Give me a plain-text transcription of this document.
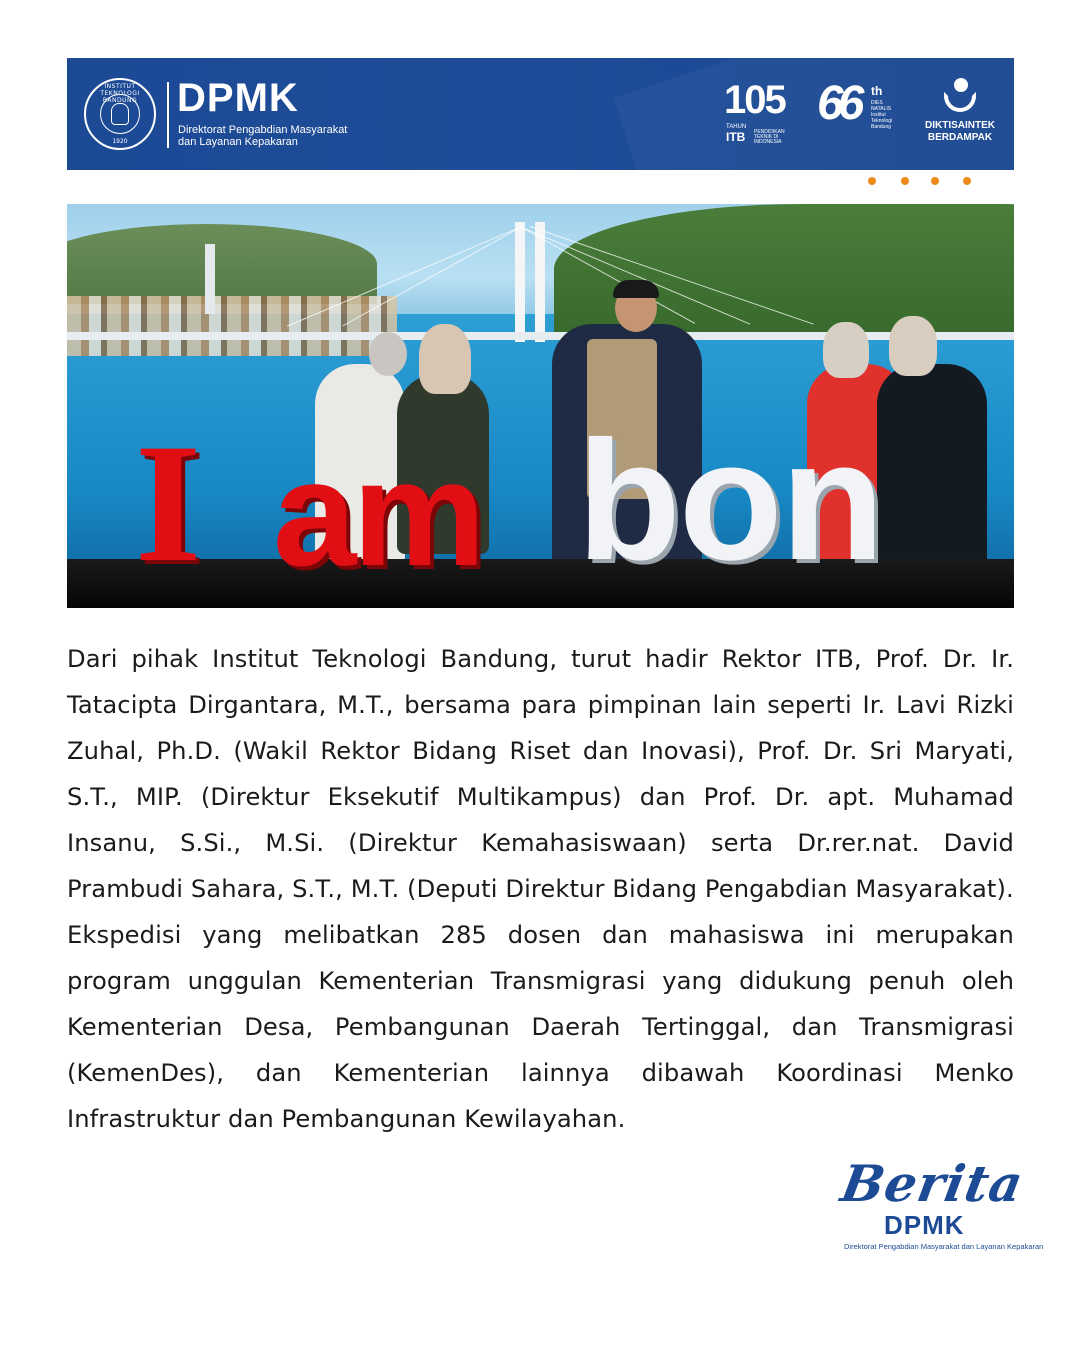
INSTITUT TEKNOLOGI BANDUNG
1920
DPMK
Direktorat Pengabdian Masyarakat
dan Layanan Kepakaran
105
TAHUN
ITB PENDIDIKAN TEKNIK DI INDONESIA
66	th
DIES NATALIS Institut Teknologi Bandung	DIKTISAINTEK
BERDAMPAK
I am bon

Dari pihak Institut Teknologi Bandung, turut hadir Rektor ITB, Prof. Dr. Ir. Tatacipta Dirgantara, M.T., bersama para pimpinan lain seperti Ir. Lavi Rizki Zuhal, Ph.D. (Wakil Rektor Bidang Riset dan Inovasi), Prof. Dr. Sri Maryati, S.T., MIP. (Direktur Eksekutif Multikampus) dan Prof. Dr. apt. Muhamad Insanu, S.Si., M.Si. (Direktur Kemahasiswaan) serta Dr.rer.nat. David Prambudi Sahara, S.T., M.T. (Deputi Direktur Bidang Pengabdian Masyarakat).

Ekspedisi yang melibatkan 285 dosen dan mahasiswa ini merupakan program unggulan Kementerian Transmigrasi yang didukung penuh oleh Kementerian Desa, Pembangunan Daerah Tertinggal, dan Transmigrasi (KemenDes), dan Kementerian lainnya dibawah Koordinasi Menko Infrastruktur dan Pembangunan Kewilayahan.

Berita
DPMK
Direktorat Pengabdian Masyarakat dan Layanan Kepakaran
